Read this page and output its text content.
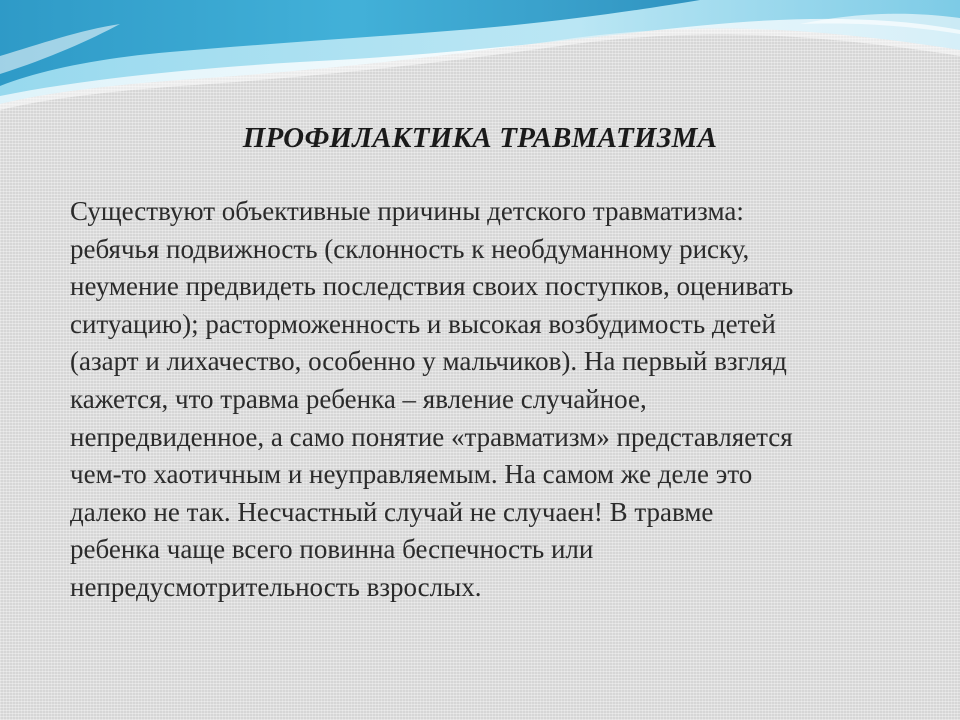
ПРОФИЛАКТИКА ТРАВМАТИЗМА
Существуют объективные причины детского травматизма:
ребячья подвижность (склонность к необдуманному риску,
неумение предвидеть последствия своих поступков, оценивать
ситуацию); расторможенность и высокая возбудимость детей
(азарт и лихачество, особенно у мальчиков). На первый взгляд
кажется, что травма ребенка – явление случайное,
непредвиденное, а само понятие «травматизм» представляется
чем-то хаотичным и неуправляемым. На самом же деле это
далеко не так. Несчастный случай не случаен! В травме
ребенка чаще всего повинна беспечность или
непредусмотрительность взрослых.
